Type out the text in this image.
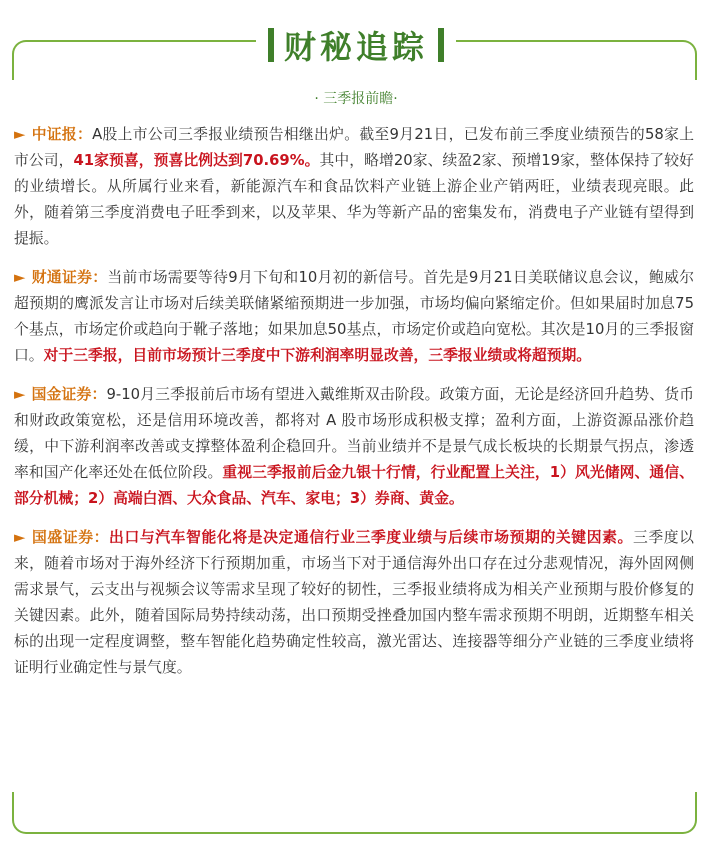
财秘追踪
· 三季报前瞻·

► 中证报：A股上市公司三季报业绩预告相继出炉。截至9月21日，已发布前三季度业绩预告的58家上市公司，41家预喜，预喜比例达到70.69%。其中，略增20家、续盈2家、预增19家，整体保持了较好的业绩增长。从所属行业来看，新能源汽车和食品饮料产业链上游企业产销两旺，业绩表现亮眼。此外，随着第三季度消费电子旺季到来，以及苹果、华为等新产品的密集发布，消费电子产业链有望得到提振。

► 财通证券：当前市场需要等待9月下旬和10月初的新信号。首先是9月21日美联储议息会议，鲍威尔超预期的鹰派发言让市场对后续美联储紧缩预期进一步加强，市场均偏向紧缩定价。但如果届时加息75个基点，市场定价或趋向于靴子落地；如果加息50基点，市场定价或趋向宽松。其次是10月的三季报窗口。对于三季报，目前市场预计三季度中下游利润率明显改善，三季报业绩或将超预期。

► 国金证券：9-10月三季报前后市场有望进入戴维斯双击阶段。政策方面，无论是经济回升趋势、货币和财政政策宽松，还是信用环境改善，都将对 A 股市场形成积极支撑；盈利方面，上游资源品涨价趋缓，中下游利润率改善或支撑整体盈利企稳回升。当前业绩并不是景气成长板块的长期景气拐点，渗透率和国产化率还处在低位阶段。重视三季报前后金九银十行情，行业配置上关注，1）风光储网、通信、部分机械；2）高端白酒、大众食品、汽车、家电；3）券商、黄金。

► 国盛证券：出口与汽车智能化将是决定通信行业三季度业绩与后续市场预期的关键因素。三季度以来，随着市场对于海外经济下行预期加重，市场当下对于通信海外出口存在过分悲观情况，海外固网侧需求景气，云支出与视频会议等需求呈现了较好的韧性，三季报业绩将成为相关产业预期与股价修复的关键因素。此外，随着国际局势持续动荡，出口预期受挫叠加国内整车需求预期不明朗，近期整车相关标的出现一定程度调整，整车智能化趋势确定性较高，激光雷达、连接器等细分产业链的三季度业绩将证明行业确定性与景气度。
